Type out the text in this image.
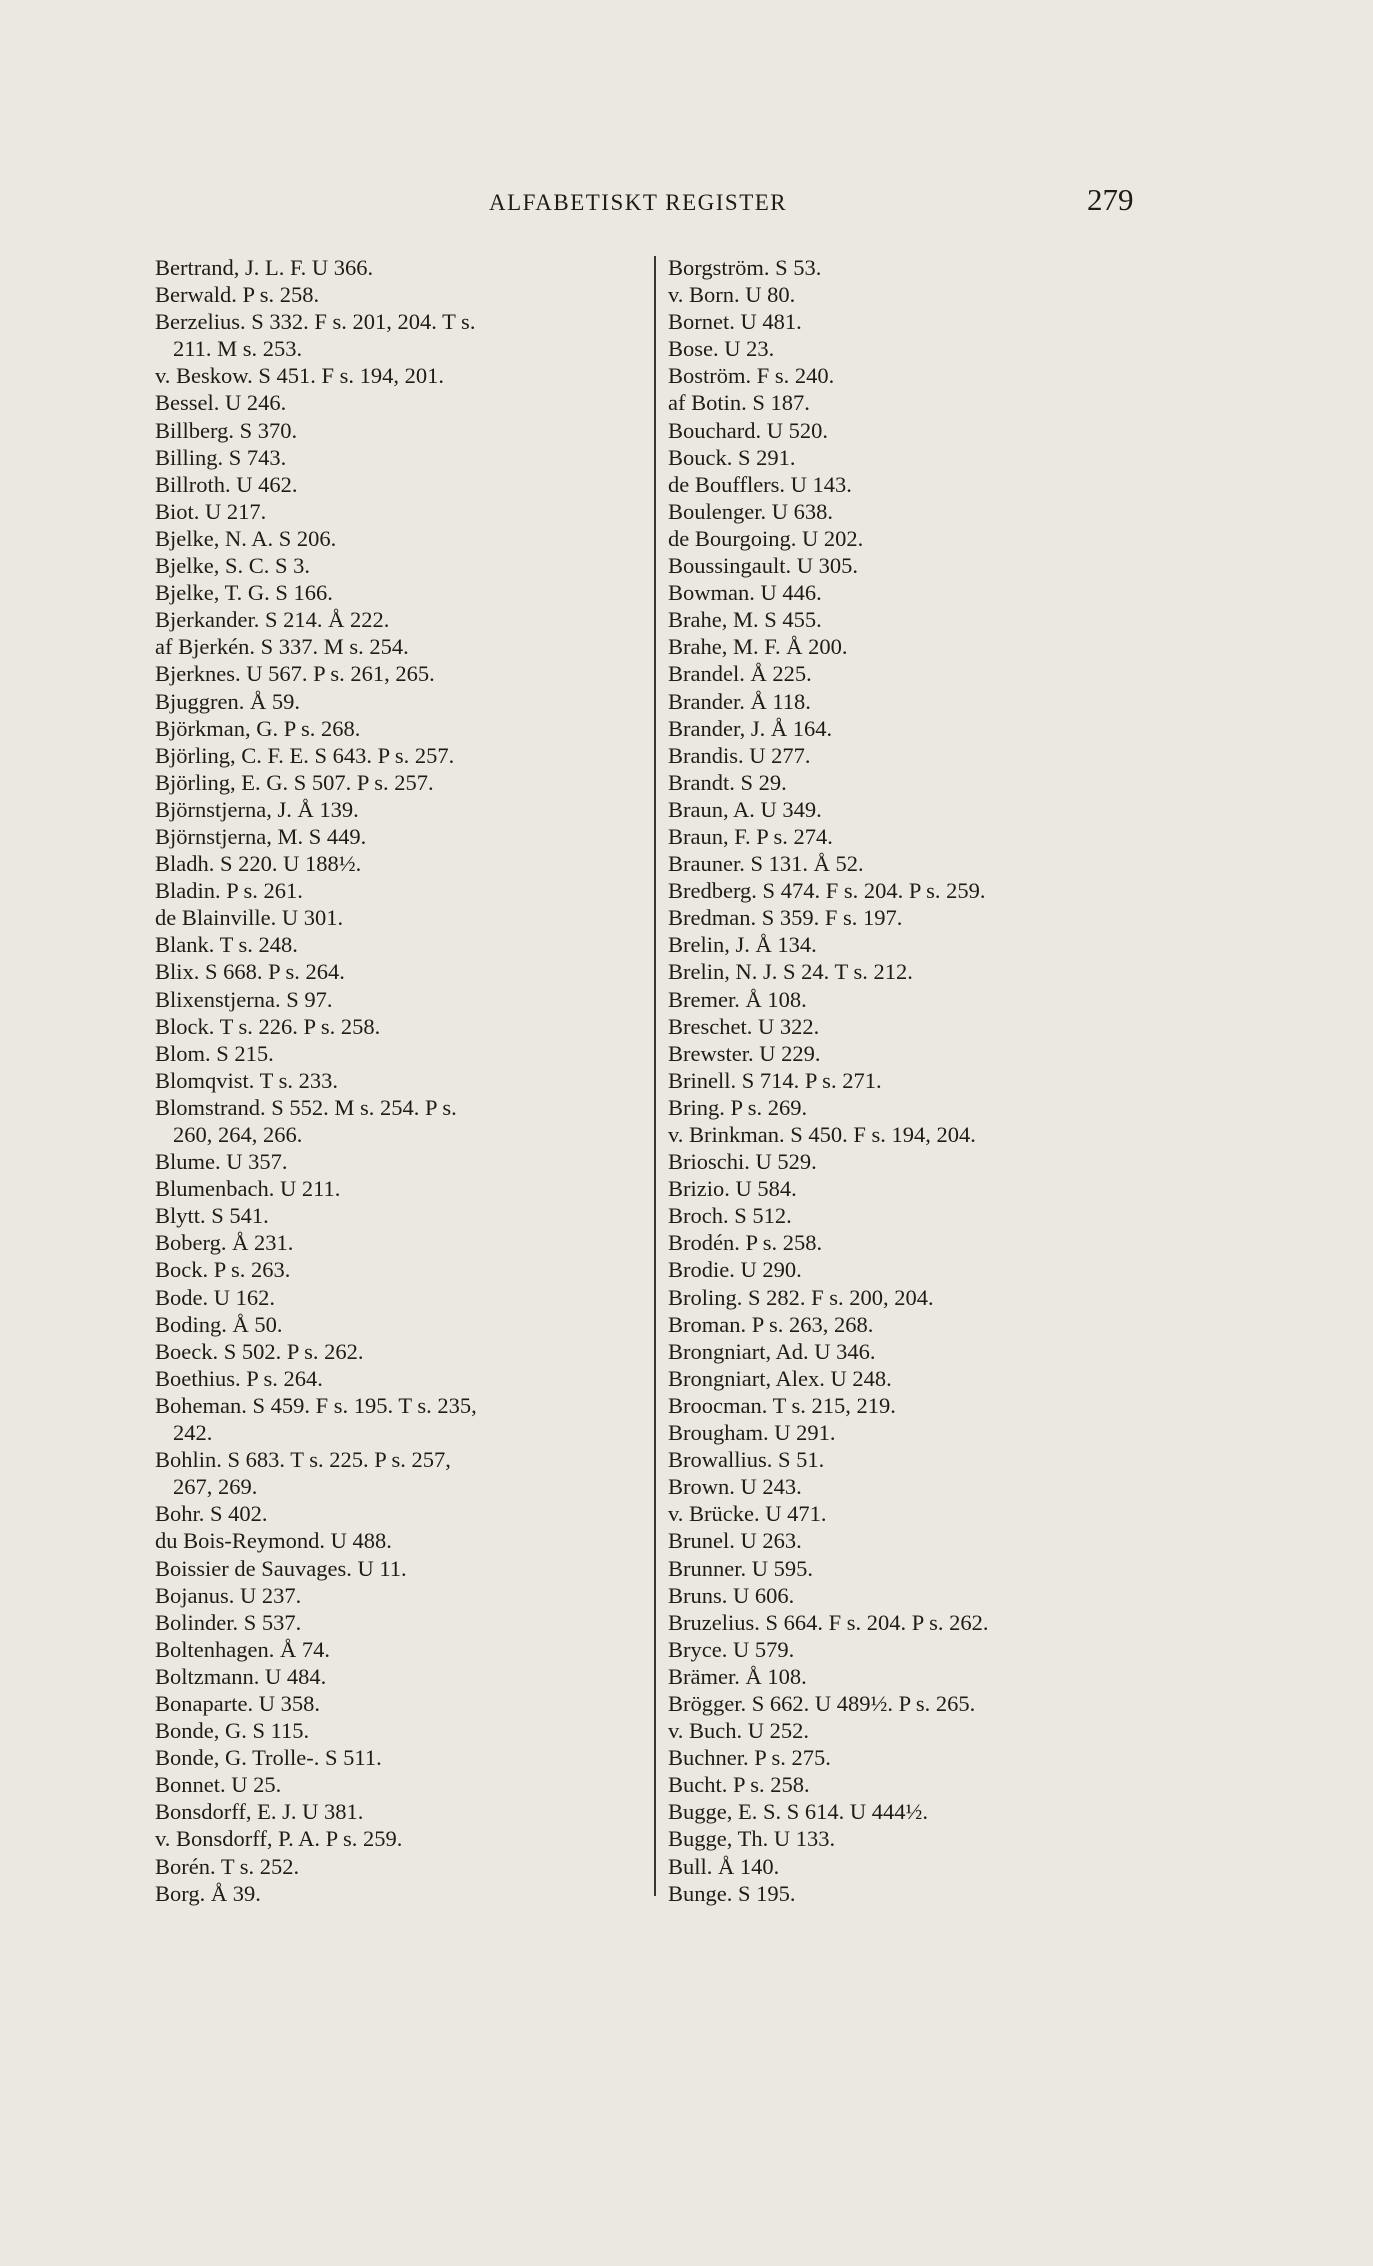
ALFABETISKT REGISTER	279
Bertrand, J. L. F. U 366.
Berwald. P s. 258.
Berzelius. S 332. F s. 201, 204. T s.
211. M s. 253.
v. Beskow. S 451. F s. 194, 201.
Bessel. U 246.
Billberg. S 370.
Billing. S 743.
Billroth. U 462.
Biot. U 217.
Bjelke, N. A. S 206.
Bjelke, S. C. S 3.
Bjelke, T. G. S 166.
Bjerkander. S 214. Å 222.
af Bjerkén. S 337. M s. 254.
Bjerknes. U 567. P s. 261, 265.
Bjuggren. Å 59.
Björkman, G. P s. 268.
Björling, C. F. E. S 643. P s. 257.
Björling, E. G. S 507. P s. 257.
Björnstjerna, J. Å 139.
Björnstjerna, M. S 449.
Bladh. S 220. U 188½.
Bladin. P s. 261.
de Blainville. U 301.
Blank. T s. 248.
Blix. S 668. P s. 264.
Blixenstjerna. S 97.
Block. T s. 226. P s. 258.
Blom. S 215.
Blomqvist. T s. 233.
Blomstrand. S 552. M s. 254. P s.
260, 264, 266.
Blume. U 357.
Blumenbach. U 211.
Blytt. S 541.
Boberg. Å 231.
Bock. P s. 263.
Bode. U 162.
Boding. Å 50.
Boeck. S 502. P s. 262.
Boethius. P s. 264.
Boheman. S 459. F s. 195. T s. 235,
242.
Bohlin. S 683. T s. 225. P s. 257,
267, 269.
Bohr. S 402.
du Bois-Reymond. U 488.
Boissier de Sauvages. U 11.
Bojanus. U 237.
Bolinder. S 537.
Boltenhagen. Å 74.
Boltzmann. U 484.
Bonaparte. U 358.
Bonde, G. S 115.
Bonde, G. Trolle-. S 511.
Bonnet. U 25.
Bonsdorff, E. J. U 381.
v. Bonsdorff, P. A. P s. 259.
Borén. T s. 252.
Borg. Å 39.
Borgström. S 53.
v. Born. U 80.
Bornet. U 481.
Bose. U 23.
Boström. F s. 240.
af Botin. S 187.
Bouchard. U 520.
Bouck. S 291.
de Boufflers. U 143.
Boulenger. U 638.
de Bourgoing. U 202.
Boussingault. U 305.
Bowman. U 446.
Brahe, M. S 455.
Brahe, M. F. Å 200.
Brandel. Å 225.
Brander. Å 118.
Brander, J. Å 164.
Brandis. U 277.
Brandt. S 29.
Braun, A. U 349.
Braun, F. P s. 274.
Brauner. S 131. Å 52.
Bredberg. S 474. F s. 204. P s. 259.
Bredman. S 359. F s. 197.
Brelin, J. Å 134.
Brelin, N. J. S 24. T s. 212.
Bremer. Å 108.
Breschet. U 322.
Brewster. U 229.
Brinell. S 714. P s. 271.
Bring. P s. 269.
v. Brinkman. S 450. F s. 194, 204.
Brioschi. U 529.
Brizio. U 584.
Broch. S 512.
Brodén. P s. 258.
Brodie. U 290.
Broling. S 282. F s. 200, 204.
Broman. P s. 263, 268.
Brongniart, Ad. U 346.
Brongniart, Alex. U 248.
Broocman. T s. 215, 219.
Brougham. U 291.
Browallius. S 51.
Brown. U 243.
v. Brücke. U 471.
Brunel. U 263.
Brunner. U 595.
Bruns. U 606.
Bruzelius. S 664. F s. 204. P s. 262.
Bryce. U 579.
Brämer. Å 108.
Brögger. S 662. U 489½. P s. 265.
v. Buch. U 252.
Buchner. P s. 275.
Bucht. P s. 258.
Bugge, E. S. S 614. U 444½.
Bugge, Th. U 133.
Bull. Å 140.
Bunge. S 195.
